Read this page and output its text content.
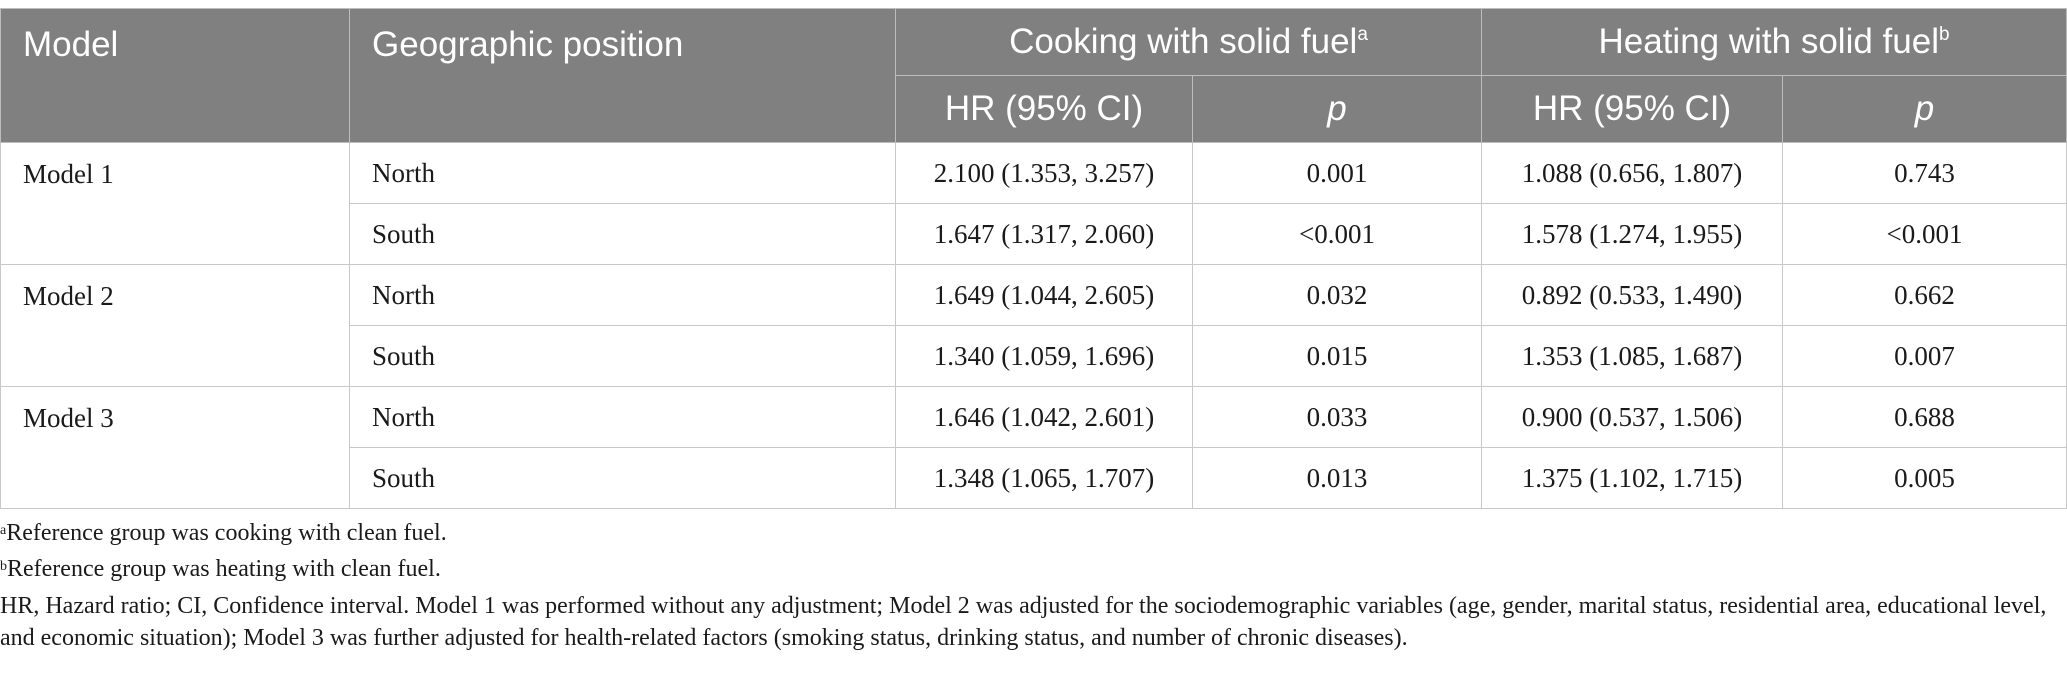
Model	Geographic position	Cooking with solid fuel$^a$		Heating with solid fuel$^b$
		HR (95% CI)	p	HR (95% CI)	p
Model 1	North	2.100 (1.353, 3.257)	0.001	1.088 (0.656, 1.807)	0.743
	South	1.647 (1.317, 2.060)	<0.001	1.578 (1.274, 1.955)	<0.001
Model 2	North	1.649 (1.044, 2.605)	0.032	0.892 (0.533, 1.490)	0.662
	South	1.340 (1.059, 1.696)	0.015	1.353 (1.085, 1.687)	0.007
Model 3	North	1.646 (1.042, 2.601)	0.033	0.900 (0.537, 1.506)	0.688
	South	1.348 (1.065, 1.707)	0.013	1.375 (1.102, 1.715)	0.005

$^a$Reference group was cooking with clean fuel.

$^b$Reference group was heating with clean fuel.

HR, Hazard ratio; CI, Confidence interval. Model 1 was performed without any adjustment; Model 2 was adjusted for the sociodemographic variables (age, gender, marital status, residential area, educational level, and economic situation); Model 3 was further adjusted for health-related factors (smoking status, drinking status, and number of chronic diseases).
